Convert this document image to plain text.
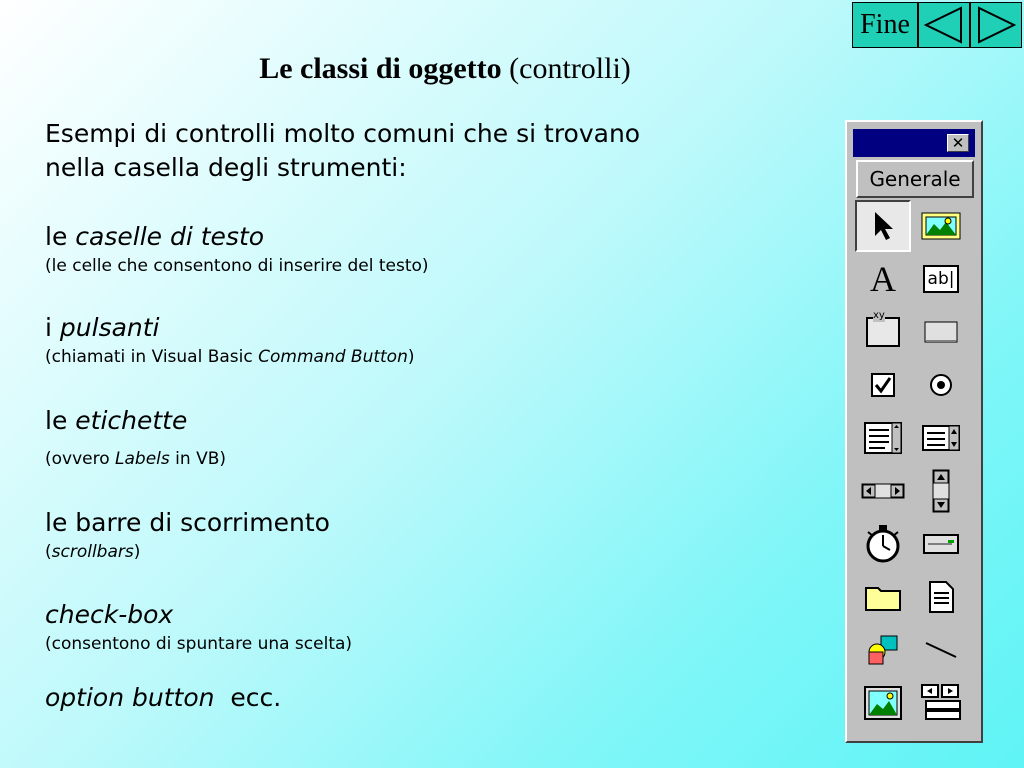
Fine
Le classi di oggetto (controlli)
Esempi di controlli molto comuni che si trovano
nella casella degli strumenti:
le caselle di testo
(le celle che consentono di inserire del testo)
i pulsanti
(chiamati in Visual Basic Command Button)
le etichette
(ovvero Labels in VB)
le barre di scorrimento
(scrollbars)
check-box
(consentono di spuntare una scelta)
option button  ecc.
✕
Generale
A ab|
xy
